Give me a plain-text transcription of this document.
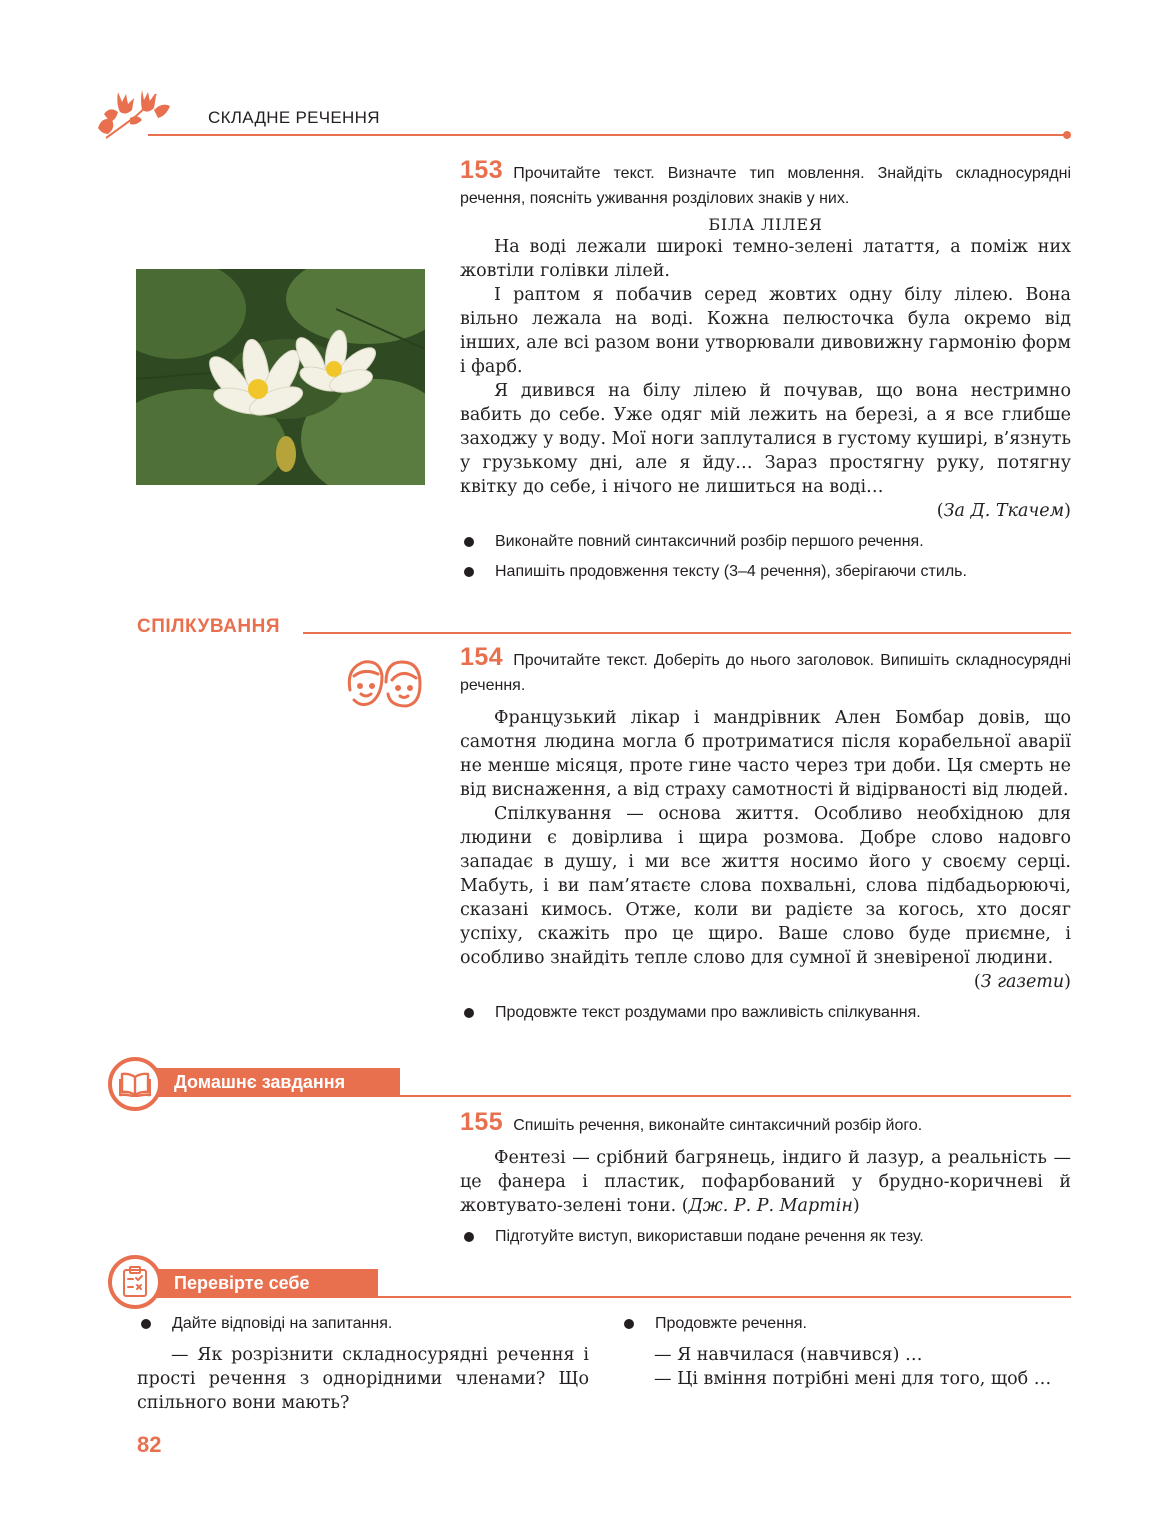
СКЛАДНЕ РЕЧЕННЯ
153 Прочитайте текст. Визначте тип мовлення. Знайдіть складносурядні речення, поясніть уживання розділових знаків у них.
БІЛА ЛІЛЕЯ

На воді лежали широкі темно-зелені латаття, а поміж них жовтіли голівки лілей.

І раптом я побачив серед жовтих одну білу лілею. Вона вільно лежала на воді. Кожна пелюсточка була окремо від інших, але всі разом вони утворювали дивовижну гармонію форм і фарб.

Я дивився на білу лілею й почував, що вона нестримно вабить до себе. Уже одяг мій лежить на березі, а я все глибше заходжу у воду. Мої ноги заплуталися в густому куширі, в’язнуть у грузькому дні, але я йду… Зараз простягну руку, потягну квітку до себе, і нічого не лишиться на воді…

(За Д. Ткачем)
Виконайте повний синтаксичний розбір першого речення.
Напишіть продовження тексту (3–4 речення), зберігаючи стиль.
СПІЛКУВАННЯ
154 Прочитайте текст. Доберіть до нього заголовок. Випишіть складносурядні речення.

Французький лікар і мандрівник Ален Бомбар довів, що самотня людина могла б протриматися після корабельної аварії не менше місяця, проте гине часто через три доби. Ця смерть не від виснаження, а від страху самотності й відірваності від людей.

Спілкування — основа життя. Особливо необхідною для людини є довірлива і щира розмова. Добре слово надовго западає в душу, і ми все життя носимо його у своєму серці. Мабуть, і ви пам’ятаєте слова похвальні, слова підбадьорюючі, сказані кимось. Отже, коли ви радієте за когось, хто досяг успіху, скажіть про це щиро. Ваше слово буде приємне, і особливо знайдіть тепле слово для сумної й зневіреної людини.

(З газети)
Продовжте текст роздумами про важливість спілкування.
Домашнє завдання
155 Спишіть речення, виконайте синтаксичний розбір його.

Фентезі — срібний багрянець, індиго й лазур, а реальність — це фанера і пластик, пофарбований у брудно-коричневі й жовтувато-зелені тони. (Дж. Р. Р. Мартін)

Підготуйте виступ, використавши подане речення як тезу.
Перевірте себе
Дайте відповіді на запитання.
— Як розрізнити складносурядні речення і прості речення з однорідними членами? Що спільного вони мають?
Продовжте речення.
— Я навчилася (навчився) …
— Ці вміння потрібні мені для того, щоб …
82
